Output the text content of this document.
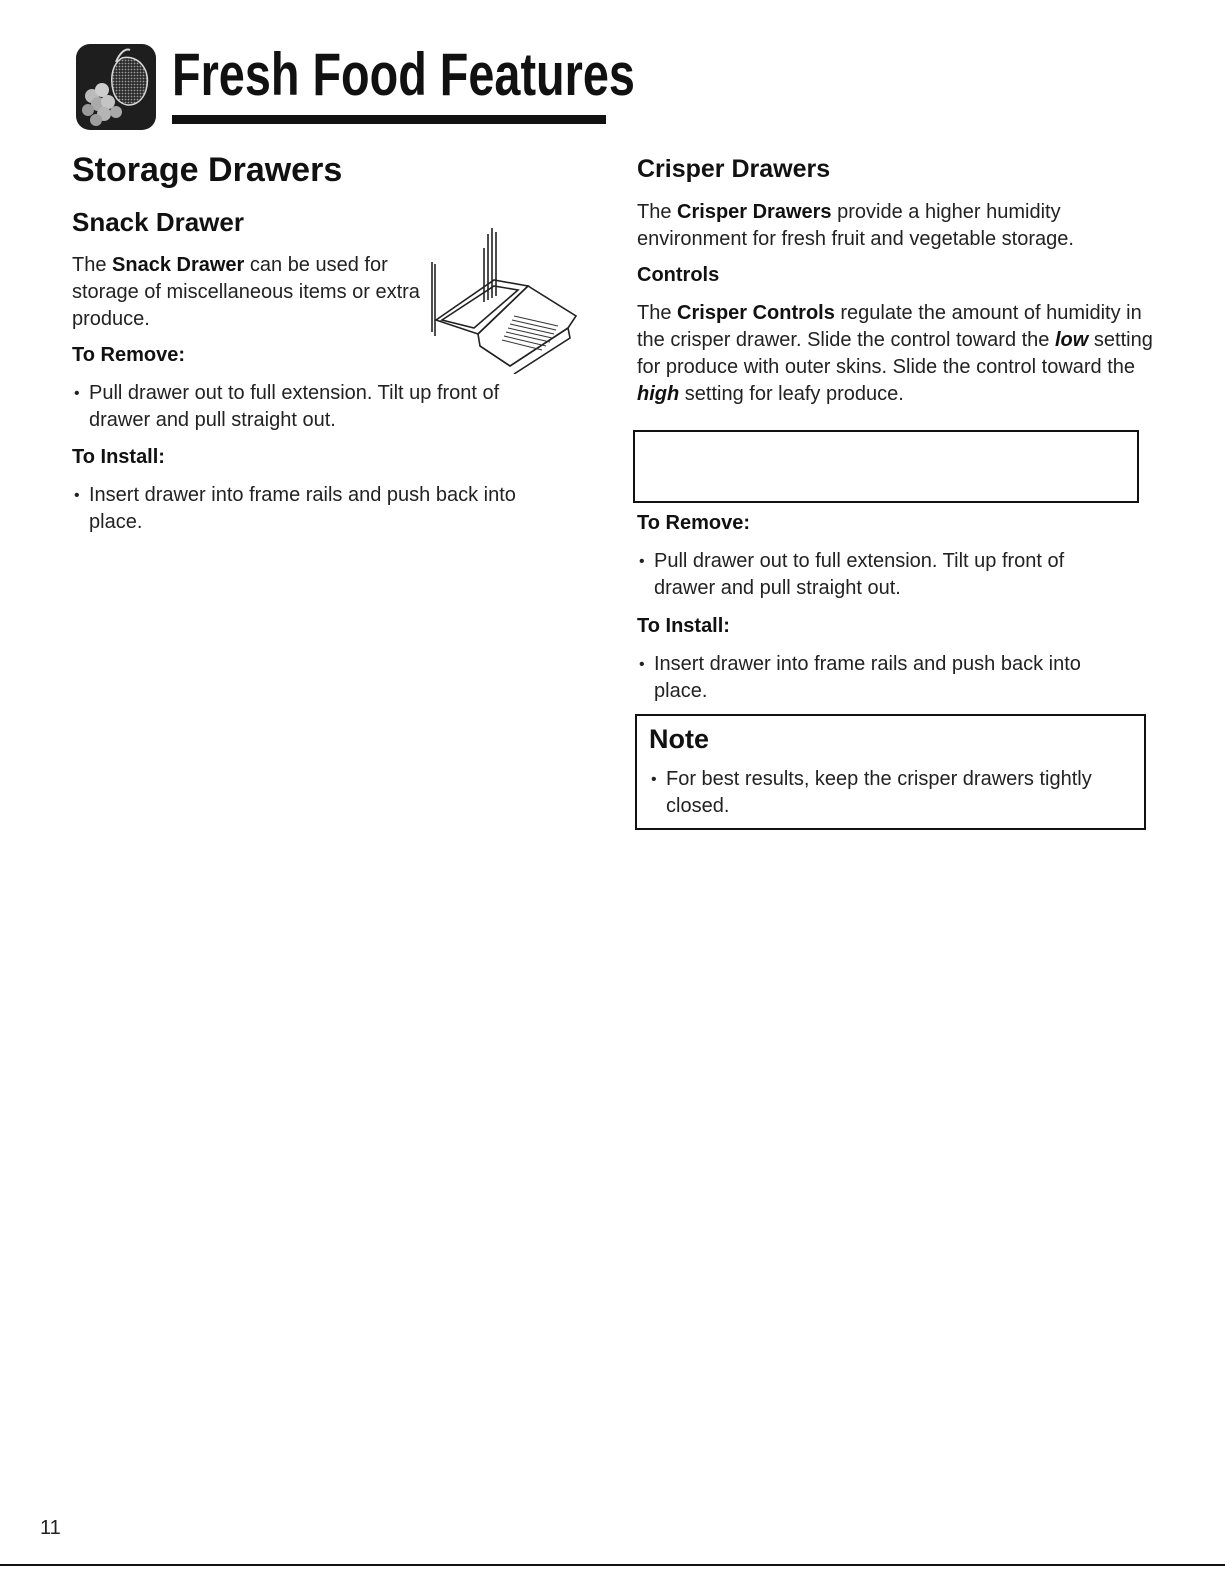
Fresh Food Features
Storage Drawers
Snack Drawer

The Snack Drawer can be used for storage of miscellaneous items or extra produce.

To Remove:
• Pull drawer out to full extension. Tilt up front of drawer and pull straight out.
To Install:
• Insert drawer into frame rails and push back into place.
Crisper Drawers

The Crisper Drawers provide a higher humidity environment for fresh fruit and vegetable storage.

Controls

The Crisper Controls regulate the amount of humidity in the crisper drawer. Slide the control toward the low setting for produce with outer skins. Slide the control toward the high setting for leafy produce.

To Remove:
• Pull drawer out to full extension. Tilt up front of drawer and pull straight out.
To Install:
• Insert drawer into frame rails and push back into place.
Note
• For best results, keep the crisper drawers tightly closed.
11
